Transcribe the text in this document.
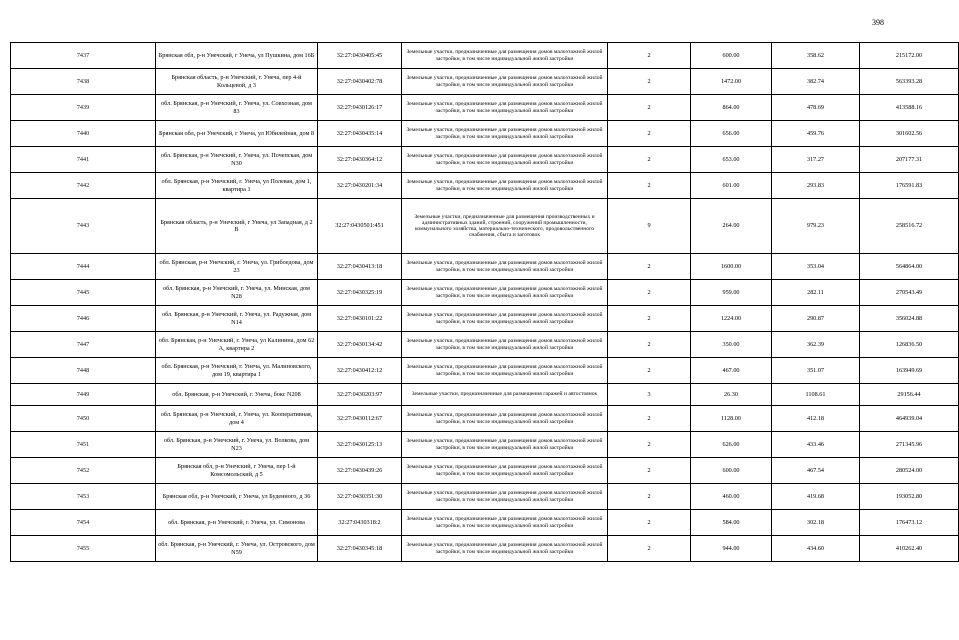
398
7437	Брянская обл, р-н Унечский, г Унеча, ул Пушкина, дом 16Б	32:27:0430405:45	Земельные участки, предназначенные для размещения домов малоэтажной жилой застройки, в том числе индивидуальной жилой застройки	2	600.00	358.62	215172.00
7438	Брянская область, р-н Унечский, г. Унеча, пер 4-й Кольцевой, д 3	32:27:0430402:78	Земельные участки, предназначенные для размещения домов малоэтажной жилой застройки, в том числе индивидуальной жилой застройки	2	1472.00	382.74	563393.28
7439	обл. Брянская, р-н Унечский, г. Унеча, ул. Совхозная, дом 83	32:27:0430126:17	Земельные участки, предназначенные для размещения домов малоэтажной жилой застройки, в том числе индивидуальной жилой застройки	2	864.00	478.69	413588.16
7440	Брянская обл, р-н Унечский, г Унеча, ул Юбилейная, дом 8	32:27:0430435:14	Земельные участки, предназначенные для размещения домов малоэтажной жилой застройки, в том числе индивидуальной жилой застройки	2	656.00	459.76	301602.56
7441	обл. Брянская, р-н Унечский, г. Унеча, ул. Почепская, дом N30	32:27:0430364:12	Земельные участки, предназначенные для размещения домов малоэтажной жилой застройки, в том числе индивидуальной жилой застройки	2	653.00	317.27	207177.31
7442	обл. Брянская, р-н Унечский, г. Унеча, ул Полевая, дом 1, квартира 1	32:27:0430201:34	Земельные участки, предназначенные для размещения домов малоэтажной жилой застройки, в том числе индивидуальной жилой застройки	2	601.00	293.83	176591.83
7443	Брянская область, р-н Унечский, г Унеча, ул Западная, д 2 В	32:27:0430501:451	Земельные участки, предназначенные для размещения производственных и административных зданий, строений, сооружений промышленности, коммунального хозяйства, материально-технического, продовольственного снабжения, сбыта и заготовок	9	264.00	979.23	258516.72
7444	обл. Брянская, р-н Унечский, г. Унеча, ул. Грибоедова, дом 23	32:27:0430413:18	Земельные участки, предназначенные для размещения домов малоэтажной жилой застройки, в том числе индивидуальной жилой застройки	2	1600.00	353.04	564864.00
7445	обл. Брянская, р-н Унечский, г. Унеча, ул. Минская, дом N28	32:27:0430325:19	Земельные участки, предназначенные для размещения домов малоэтажной жилой застройки, в том числе индивидуальной жилой застройки	2	959.00	282.11	270543.49
7446	обл. Брянская, р-н Унечский, г. Унеча, ул. Радужная, дом N14	32:27:0430101:22	Земельные участки, предназначенные для размещения домов малоэтажной жилой застройки, в том числе индивидуальной жилой застройки	2	1224.00	290.87	356024.88
7447	обл. Брянская, р-н Унечский, г. Унеча, ул Калинина, дом 62 А, квартира 2	32:27:0430134:42	Земельные участки, предназначенные для размещения домов малоэтажной жилой застройки, в том числе индивидуальной жилой застройки	2	350.00	362.39	126836.50
7448	обл. Брянская, р-н Унечский, г. Унеча, ул. Малиновского, дом 19, квартира 1	32:27:0430412:12	Земельные участки, предназначенные для размещения домов малоэтажной жилой застройки, в том числе индивидуальной жилой застройки	2	467.00	351.07	163949.69
7449	обл. Брянская, р-н Унечский, г. Унеча, бокс N208	32:27:0430203:97	Земельные участки, предназначенные для размещения гаражей и автостоянок	3	26.30	1108.61	29156.44
7450	обл. Брянская, р-н Унечский, г. Унеча, ул. Кооперативная, дом 4	32:27:0430112:67	Земельные участки, предназначенные для размещения домов малоэтажной жилой застройки, в том числе индивидуальной жилой застройки	2	1128.00	412.18	464939.04
7451	обл. Брянская, р-н Унечский, г. Унеча, ул. Волкова, дом N23	32:27:0430125:13	Земельные участки, предназначенные для размещения домов малоэтажной жилой застройки, в том числе индивидуальной жилой застройки	2	626.00	433.46	271345.96
7452	Брянская обл, р-н Унечский, г Унеча, пер 1-й Комсомольский, д 5	32:27:0430439:26	Земельные участки, предназначенные для размещения домов малоэтажной жилой застройки, в том числе индивидуальной жилой застройки	2	600.00	467.54	280524.00
7453	Брянская обл, р-н Унечский, г Унеча, ул Буденного, д 36	32:27:0430351:30	Земельные участки, предназначенные для размещения домов малоэтажной жилой застройки, в том числе индивидуальной жилой застройки	2	460.00	419.68	193052.80
7454	обл. Брянская, р-н Унечский, г. Унеча, ул. Симонова	32:27:0430318:2	Земельные участки, предназначенные для размещения домов малоэтажной жилой застройки, в том числе индивидуальной жилой застройки	2	584.00	302.18	176473.12
7455	обл. Брянская, р-н Унечский, г. Унеча, ул. Островского, дом N59	32:27:0430345:18	Земельные участки, предназначенные для размещения домов малоэтажной жилой застройки, в том числе индивидуальной жилой застройки	2	944.00	434.60	410262.40
